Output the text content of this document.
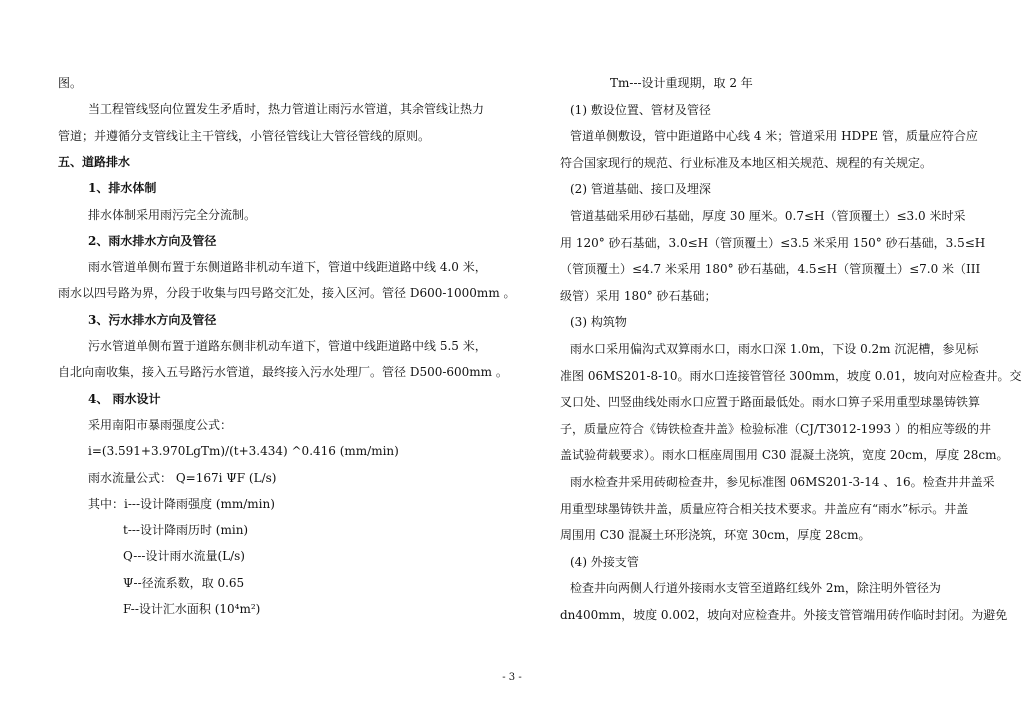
图。
当工程管线竖向位置发生矛盾时，热力管道让雨污水管道，其余管线让热力
管道；并遵循分支管线让主干管线，小管径管线让大管径管线的原则。
五、道路排水
1、排水体制
排水体制采用雨污完全分流制。
2、雨水排水方向及管径
雨水管道单侧布置于东侧道路非机动车道下，管道中线距道路中线 4.0 米，
雨水以四号路为界，分段于收集与四号路交汇处，接入区河。管径 D600-1000mm 。
3、污水排水方向及管径
污水管道单侧布置于道路东侧非机动车道下，管道中线距道路中线 5.5 米，
自北向南收集，接入五号路污水管道，最终接入污水处理厂。管径 D500-600mm 。
4、 雨水设计
采用南阳市暴雨强度公式：
i=(3.591+3.970LgTm)/(t+3.434) ^0.416 (mm/min)
雨水流量公式： Q=167i ΨF (L/s)
其中：i---设计降雨强度 (mm/min)
t---设计降雨历时 (min)
Q---设计雨水流量(L/s)
Ψ--径流系数，取 0.65
F--设计汇水面积 (10⁴m²)
Tm---设计重现期，取 2 年
(1) 敷设位置、管材及管径
管道单侧敷设，管中距道路中心线 4 米；管道采用 HDPE 管，质量应符合应
符合国家现行的规范、行业标准及本地区相关规范、规程的有关规定。
(2) 管道基础、接口及埋深
管道基础采用砂石基础，厚度 30 厘米。0.7≤H（管顶覆土）≤3.0 米时采
用 120° 砂石基础，3.0≤H（管顶覆土）≤3.5 米采用 150° 砂石基础，3.5≤H
（管顶覆土）≤4.7 米采用 180° 砂石基础，4.5≤H（管顶覆土）≤7.0 米（III
级管）采用 180° 砂石基础；
(3) 构筑物
雨水口采用偏沟式双算雨水口，雨水口深 1.0m，下设 0.2m 沉泥槽，参见标
准图 06MS201-8-10。雨水口连接管管径 300mm，坡度 0.01，坡向对应检查井。交
叉口处、凹竖曲线处雨水口应置于路面最低处。雨水口箅子采用重型球墨铸铁算
子，质量应符合《铸铁检查井盖》检验标准（CJ/T3012-1993 ）的相应等级的井
盖试验荷载要求）。雨水口框座周围用 C30 混凝土浇筑，宽度 20cm，厚度 28cm。
雨水检查井采用砖砌检查井，参见标准图 06MS201-3-14 、16。检查井井盖采
用重型球墨铸铁井盖，质量应符合相关技术要求。井盖应有“雨水”标示。井盖
周围用 C30 混凝土环形浇筑，环宽 30cm，厚度 28cm。
(4) 外接支管
检查井向两侧人行道外接雨水支管至道路红线外 2m，除注明外管径为
dn400mm，坡度 0.002，坡向对应检查井。外接支管管端用砖作临时封闭。为避免
- 3 -
